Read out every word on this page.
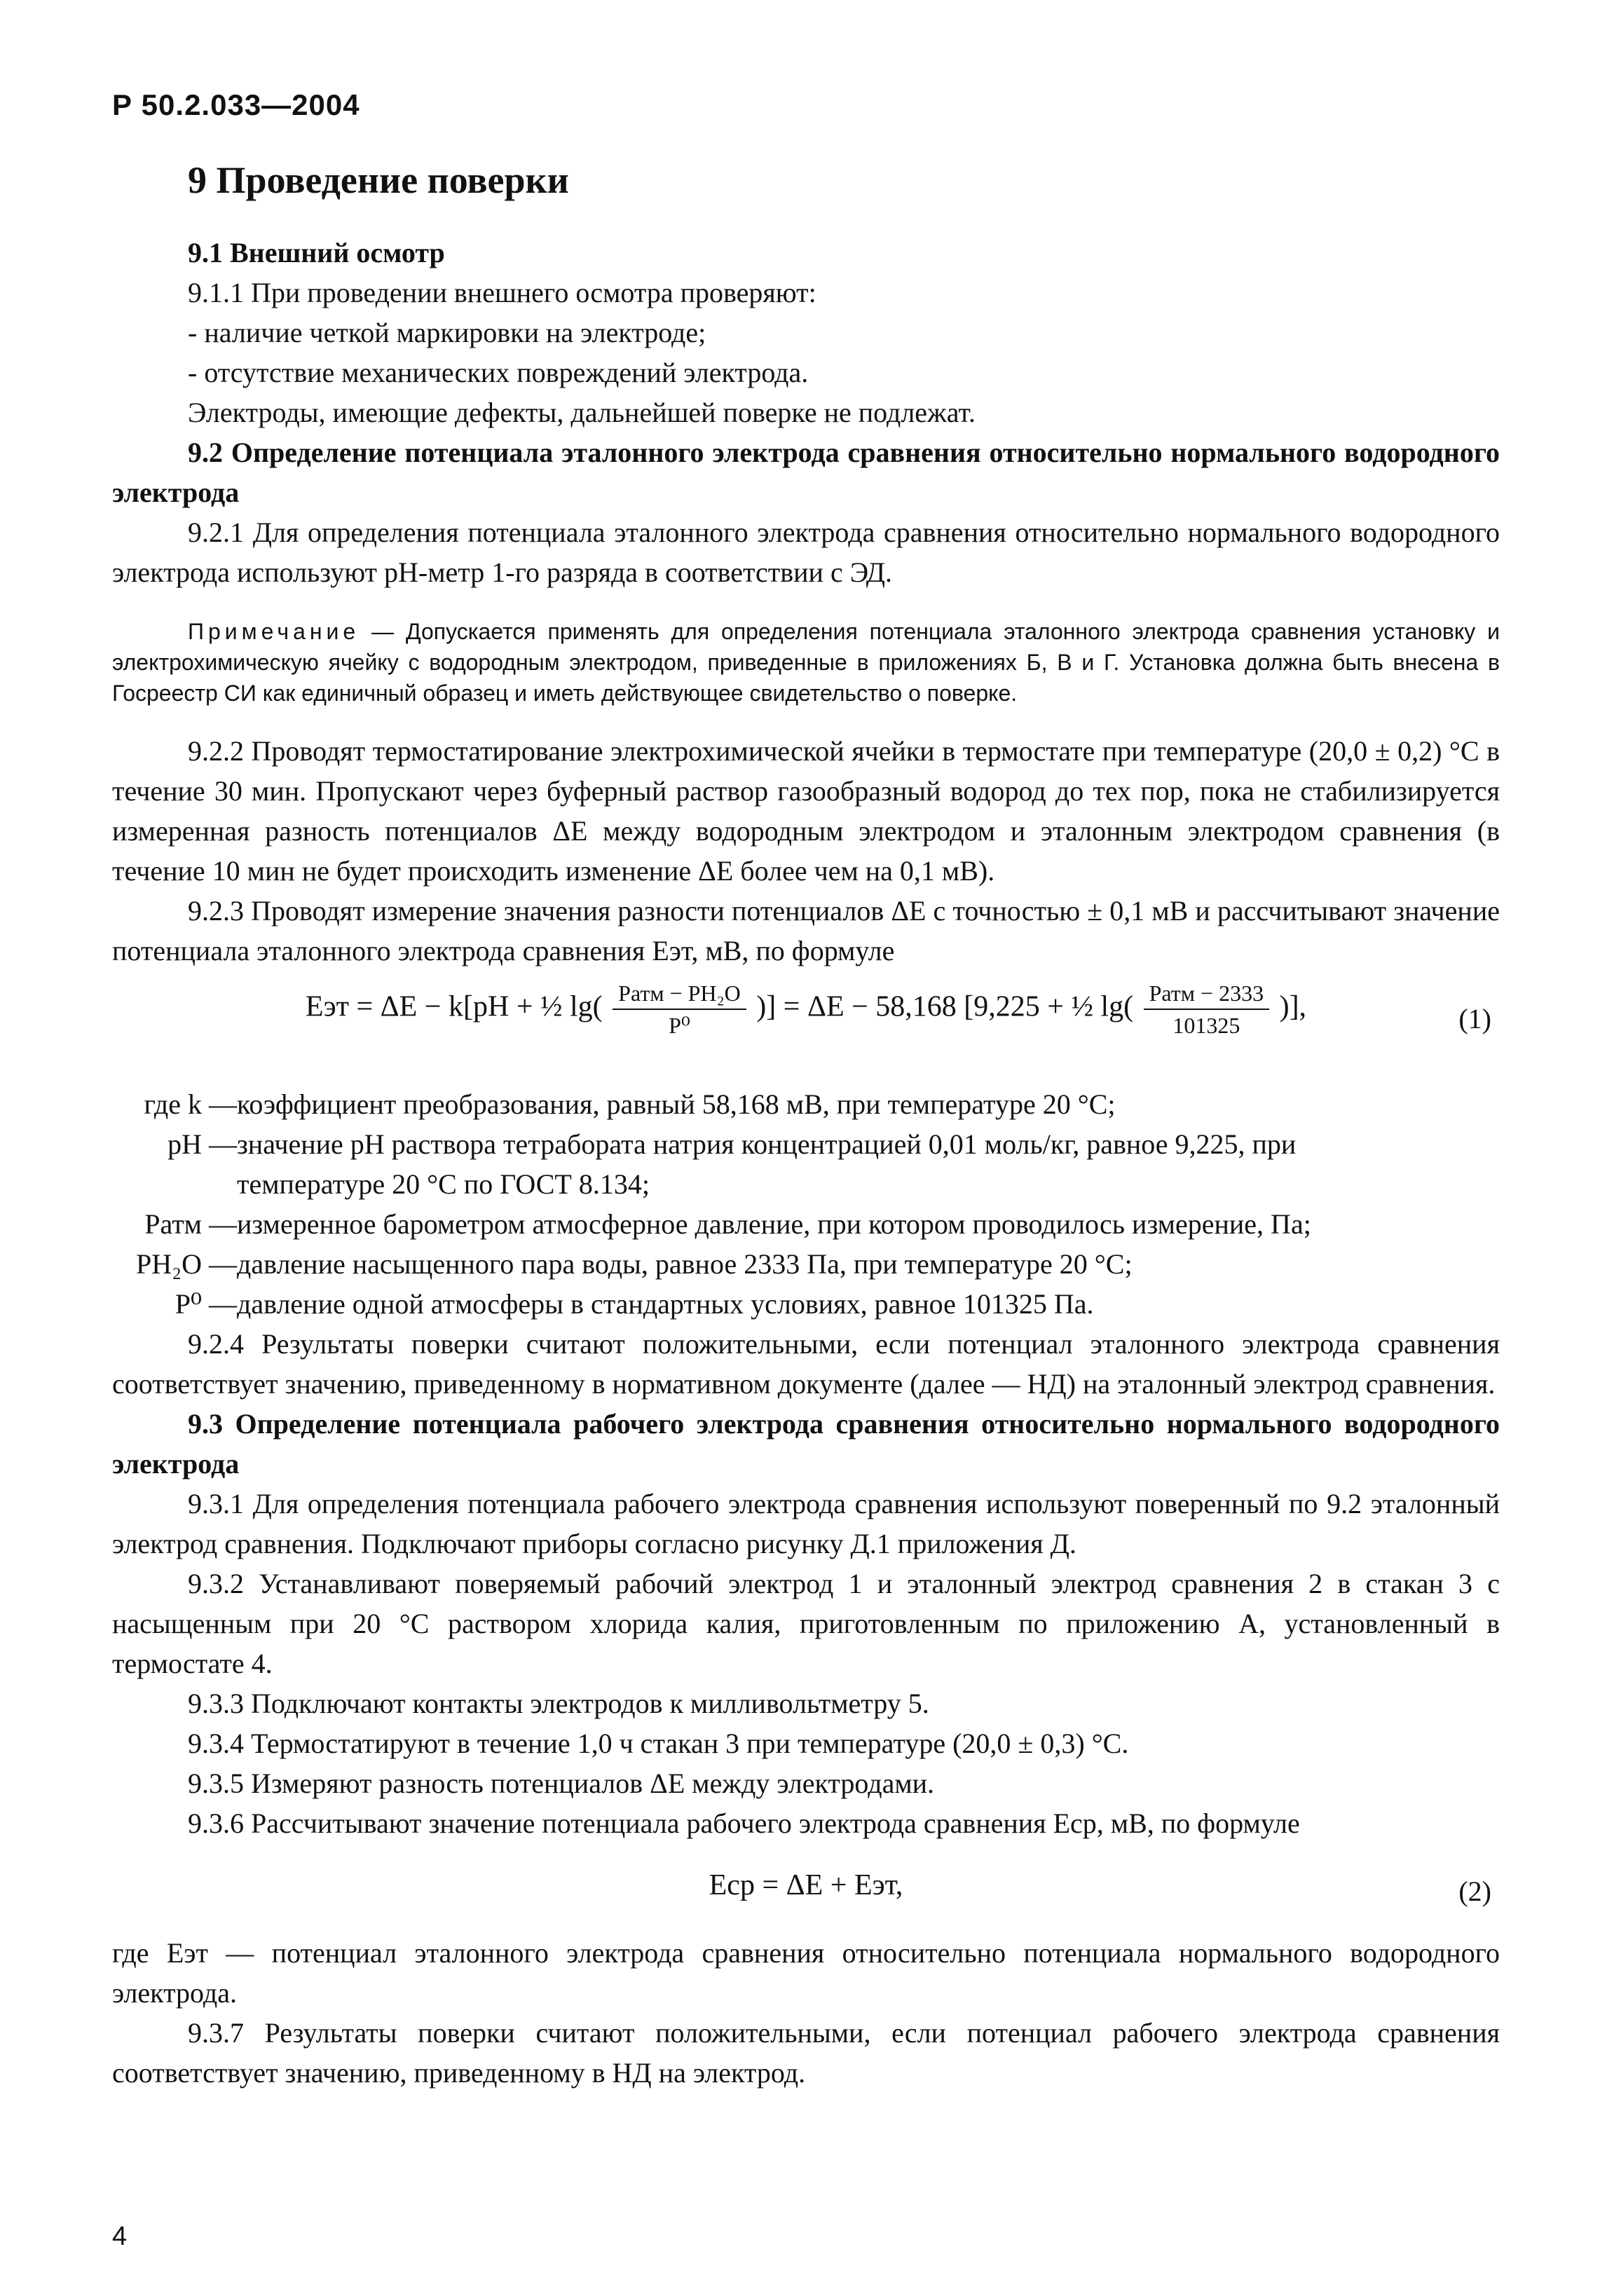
Р 50.2.033—2004
9 Проведение поверки

9.1 Внешний осмотр

9.1.1 При проведении внешнего осмотра проверяют:

- наличие четкой маркировки на электроде;

- отсутствие механических повреждений электрода.

Электроды, имеющие дефекты, дальнейшей поверке не подлежат.

9.2 Определение потенциала эталонного электрода сравнения относительно нормального водородного электрода

9.2.1 Для определения потенциала эталонного электрода сравнения относительно нормального водородного электрода используют рН-метр 1-го разряда в соответствии с ЭД.

Примечание — Допускается применять для определения потенциала эталонного электрода сравнения установку и электрохимическую ячейку с водородным электродом, приведенные в приложениях Б, В и Г. Установка должна быть внесена в Госреестр СИ как единичный образец и иметь действующее свидетельство о поверке.

9.2.2 Проводят термостатирование электрохимической ячейки в термостате при температуре (20,0 ± 0,2) °С в течение 30 мин. Пропускают через буферный раствор газообразный водород до тех пор, пока не стабилизируется измеренная разность потенциалов ΔE между водородным электродом и эталонным электродом сравнения (в течение 10 мин не будет происходить изменение ΔE более чем на 0,1 мВ).

9.2.3 Проводят измерение значения разности потенциалов ΔE с точностью ± 0,1 мВ и рассчитывают значение потенциала эталонного электрода сравнения Eэт, мВ, по формуле

Eэт = ΔE − k[pH + ½ $\lg( \frac{\text{Pатм − PH₂O}}{\text{P⁰}}$ )] = ΔE − 58,168 [9,225 + ½ $\lg( \frac{\text{Pатм − 2333}}{101325}$ )],	(1)
где k — коэффициент преобразования, равный 58,168 мВ, при температуре 20 °С;
pH — значение рН раствора тетрабората натрия концентрацией 0,01 моль/кг, равное 9,225, при
температуре 20 °С по ГОСТ 8.134;
Pатм — измеренное барометром атмосферное давление, при котором проводилось измерение, Па;
PH₂O — давление насыщенного пара воды, равное 2333 Па, при температуре 20 °С;
P⁰ — давление одной атмосферы в стандартных условиях, равное 101325 Па.

9.2.4 Результаты поверки считают положительными, если потенциал эталонного электрода сравнения соответствует значению, приведенному в нормативном документе (далее — НД) на эталонный электрод сравнения.

9.3 Определение потенциала рабочего электрода сравнения относительно нормального водородного электрода

9.3.1 Для определения потенциала рабочего электрода сравнения используют поверенный по 9.2 эталонный электрод сравнения. Подключают приборы согласно рисунку Д.1 приложения Д.

9.3.2 Устанавливают поверяемый рабочий электрод 1 и эталонный электрод сравнения 2 в стакан 3 с насыщенным при 20 °С раствором хлорида калия, приготовленным по приложению А, установленный в термостате 4.

9.3.3 Подключают контакты электродов к милливольтметру 5.

9.3.4 Термостатируют в течение 1,0 ч стакан 3 при температуре (20,0 ± 0,3) °С.

9.3.5 Измеряют разность потенциалов ΔE между электродами.

9.3.6 Рассчитывают значение потенциала рабочего электрода сравнения Eср, мВ, по формуле

Eср = ΔE + Eэт,	(2)

где Eэт — потенциал эталонного электрода сравнения относительно потенциала нормального водородного электрода.

9.3.7 Результаты поверки считают положительными, если потенциал рабочего электрода сравнения соответствует значению, приведенному в НД на электрод.

4
